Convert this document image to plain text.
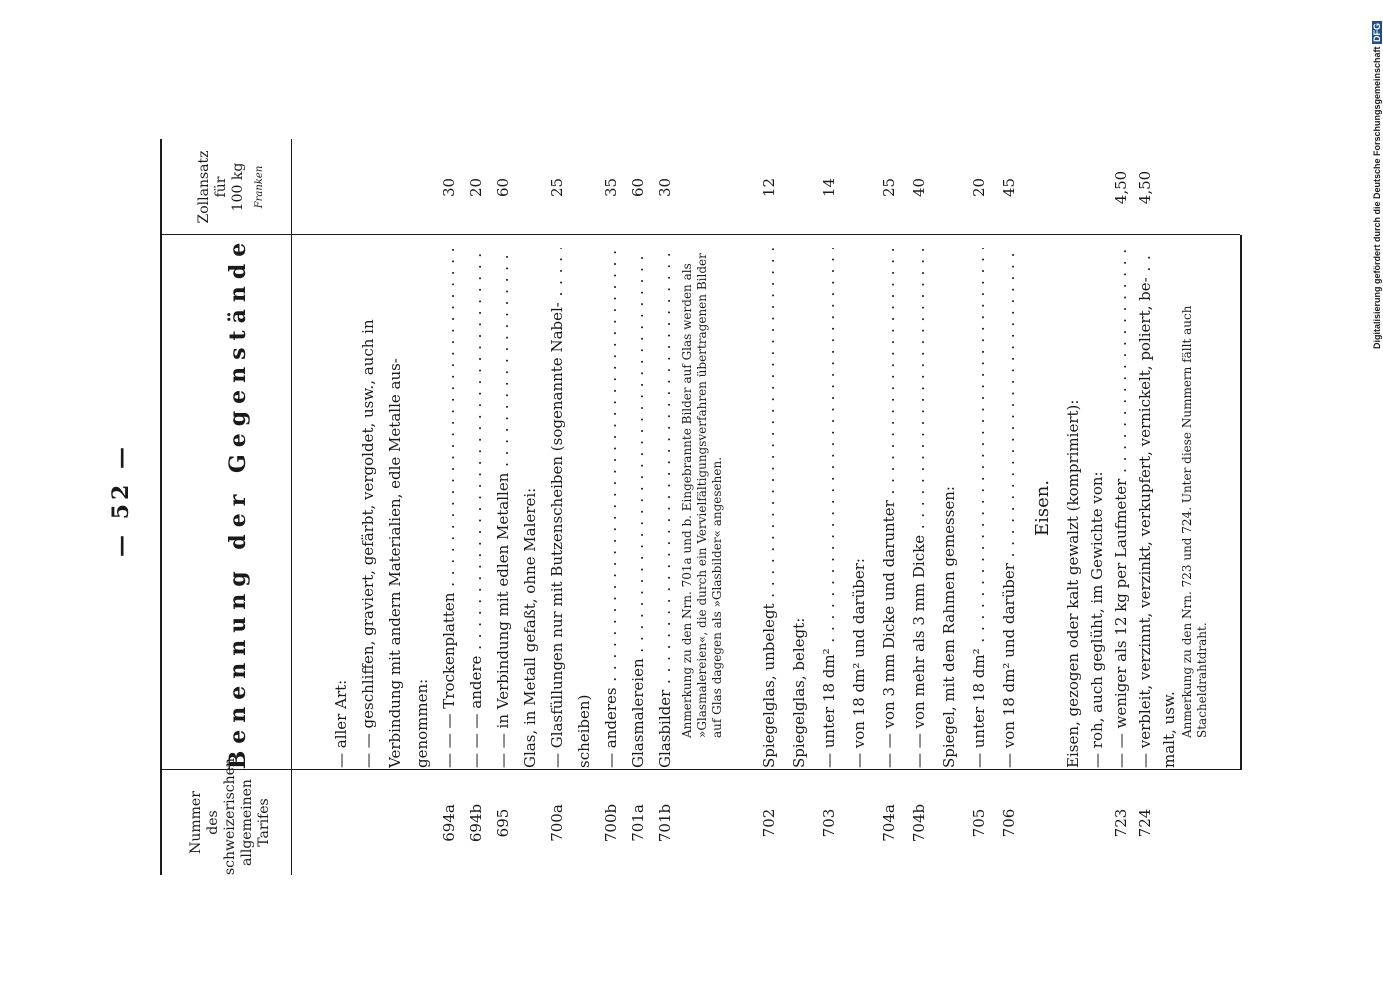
— 52 —
Nummer des schweizerischen allgemeinen Tarifes
Benennung der Gegenstände
Zollansatz für 100 kg Franken
— aller Art: — — geschliffen, graviert, gefärbt, vergoldet, usw., auch in Verbindung mit andern Materialien, edle Metalle aus- genommen:
694a
— — — Trockenplatten . . .
30
694b
— — — andere . . .
20
695
— — in Verbindung mit edlen Metallen . . .
60
Glas, in Metall gefaßt, ohne Malerei:
700a
— Glasfüllungen nur mit Butzenscheiben (sogenannte Nabel- . . .
25
scheiben)
700b
— anderes . . .
35
701a
Glasmalereien . . .
60
701b
Glasbilder . . .
30
Anmerkung zu den Nrn. 701a und b. Eingebrannte Bilder auf Glas werden als »Glasmalereien«, die durch ein Vervielfältigungsverfahren übertragenen Bilder auf Glas dagegen als »Glasbilder« angesehen.
702
Spiegelglas, unbelegt . . .
12
Spiegelglas, belegt:
703
— unter 18 dm² . . .
14
— von 18 dm² und darüber:
704a
— — von 3 mm Dicke und darunter . . .
25
704b
— — von mehr als 3 mm Dicke . . .
40
Spiegel, mit dem Rahmen gemessen:
705
— unter 18 dm² . . .
20
706
— von 18 dm² und darüber . . .
45
Eisen. Eisen, gezogen oder kalt gewalzt (komprimiert): — roh, auch geglüht, im Gewichte von:
723
— — weniger als 12 kg per Laufmeter . . .
4,50
724
— verbleit, verzinnt, verzinkt, verkupfert, vernickelt, poliert, be- . . .
4,50
malt, usw. Anmerkung zu den Nrn. 723 und 724. Unter diese Nummern fällt auch Stacheldrahtdraht.
Digitalisierung gefördert durch die Deutsche Forschungsgemeinschaft DFG
